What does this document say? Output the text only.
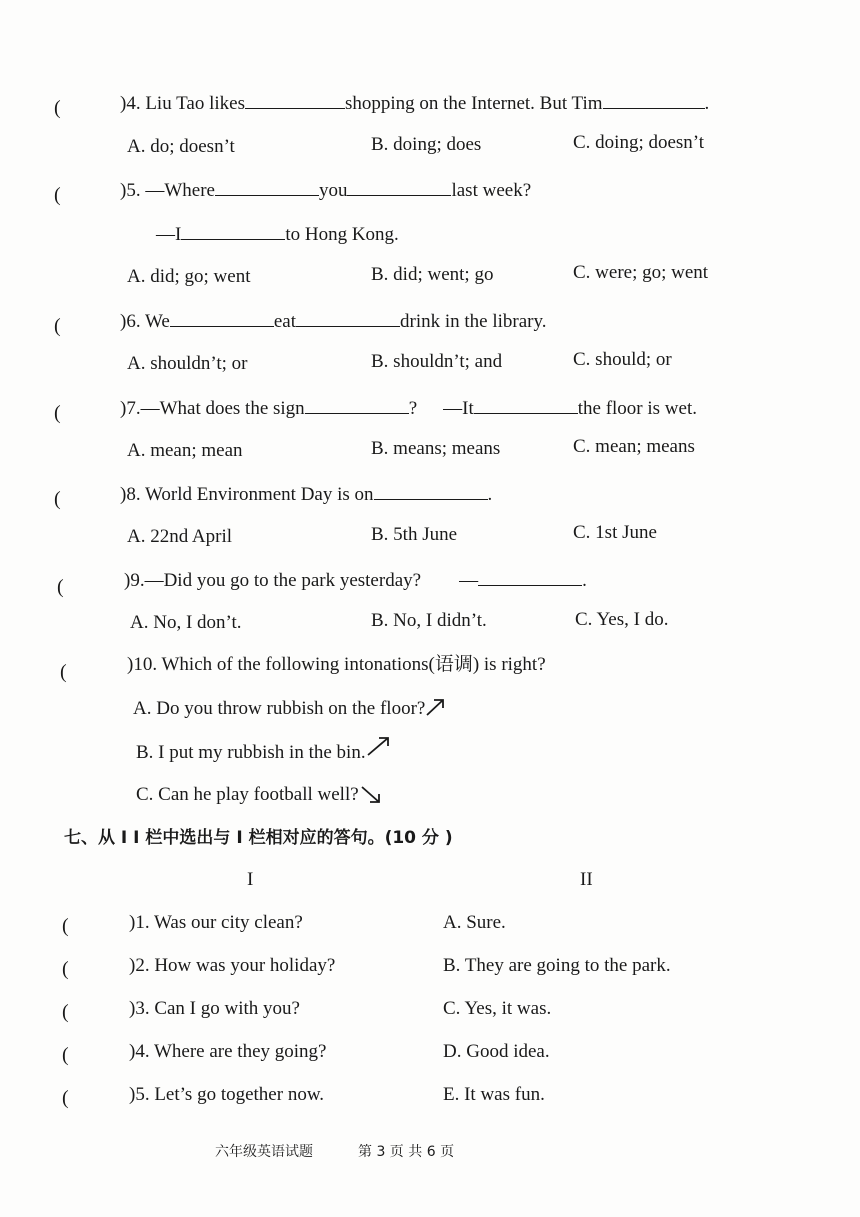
(	)4. Liu Tao likes	shopping on the Internet. But Tim	.
A. do; doesn’t	B. doing; does	C. doing; doesn’t
(	)5. —Where	you	last week?
—I	to Hong Kong.
A. did; go; went	B. did; went; go	C. were; go; went
(	)6. We	eat	drink in the library.
A. shouldn’t; or	B. shouldn’t; and	C. should; or
(	)7.—What does the sign	? —It	the floor is wet.
A. mean; mean	B. means; means	C. mean; means
(	)8. World Environment Day is on	.
A. 22nd April	B. 5th June	C. 1st June
(	)9.—Did you go to the park yesterday? —	.
A. No, I don’t.	B. No, I didn’t.	C. Yes, I do.
(	)10. Which of the following intonations(语调) is right?
A. Do you throw rubbish on the floor?
B. I put my rubbish in the bin.
C. Can he play football well?
七、从 I I 栏中选出与 I 栏相对应的答句。(10 分 )
I	II
(	)1. Was our city clean?	A. Sure.
(	)2. How was your holiday?	B. They are going to the park.
(	)3. Can I go with you?	C. Yes, it was.
(	)4. Where are they going?	D. Good idea.
(	)5. Let’s go together now.	E. It was fun.
六年级英语试题	第 3 页 共 6 页
